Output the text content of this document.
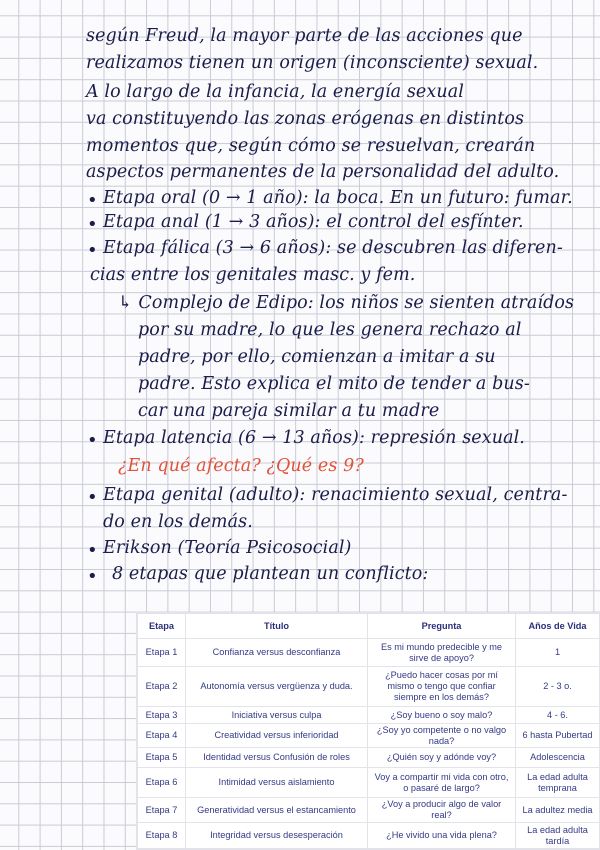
según Freud, la mayor parte de las acciones que
realizamos tienen un origen (inconsciente) sexual.
A lo largo de la infancia, la energía sexual
va constituyendo las zonas erógenas en distintos
momentos que, según cómo se resuelvan, crearán
aspectos permanentes de la personalidad del adulto.
• Etapa oral (0 → 1 año): la boca. En un futuro: fumar.
• Etapa anal (1 → 3 años): el control del esfínter.
• Etapa fálica (3 → 6 años): se descubren las diferen-
cias entre los genitales masc. y fem.
↳ Complejo de Edipo: los niños se sienten atraídos
por su madre, lo que les genera rechazo al
padre, por ello, comienzan a imitar a su
padre. Esto explica el mito de tender a bus-
car una pareja similar a tu madre
• Etapa latencia (6 → 13 años): represión sexual.
¿En qué afecta? ¿Qué es 9?
• Etapa genital (adulto): renacimiento sexual, centra-
do en los demás.
• Erikson (Teoría Psicosocial)
• 8 etapas que plantean un conflicto:
Etapa	Título	Pregunta	Años de Vida
Etapa 1	Confianza versus desconfianza	Es mi mundo predecible y me sirve de apoyo?	1
Etapa 2	Autonomía versus vergüenza y duda.	¿Puedo hacer cosas por mí mismo o tengo que confiar siempre en los demás?	2 - 3 o.
Etapa 3	Iniciativa versus culpa	¿Soy bueno o soy malo?	4 - 6.
Etapa 4	Creatividad versus inferioridad	¿Soy yo competente o no valgo nada?	6 hasta Pubertad
Etapa 5	Identidad versus Confusión de roles	¿Quién soy y adónde voy?	Adolescencia
Etapa 6	Intimidad versus aislamiento	Voy a compartir mi vida con otro, o pasaré de largo?	La edad adulta temprana
Etapa 7	Generatividad versus el estancamiento	¿Voy a producir algo de valor real?	La adultez media
Etapa 8	Integridad versus desesperación	¿He vivido una vida plena?	La edad adulta tardía
